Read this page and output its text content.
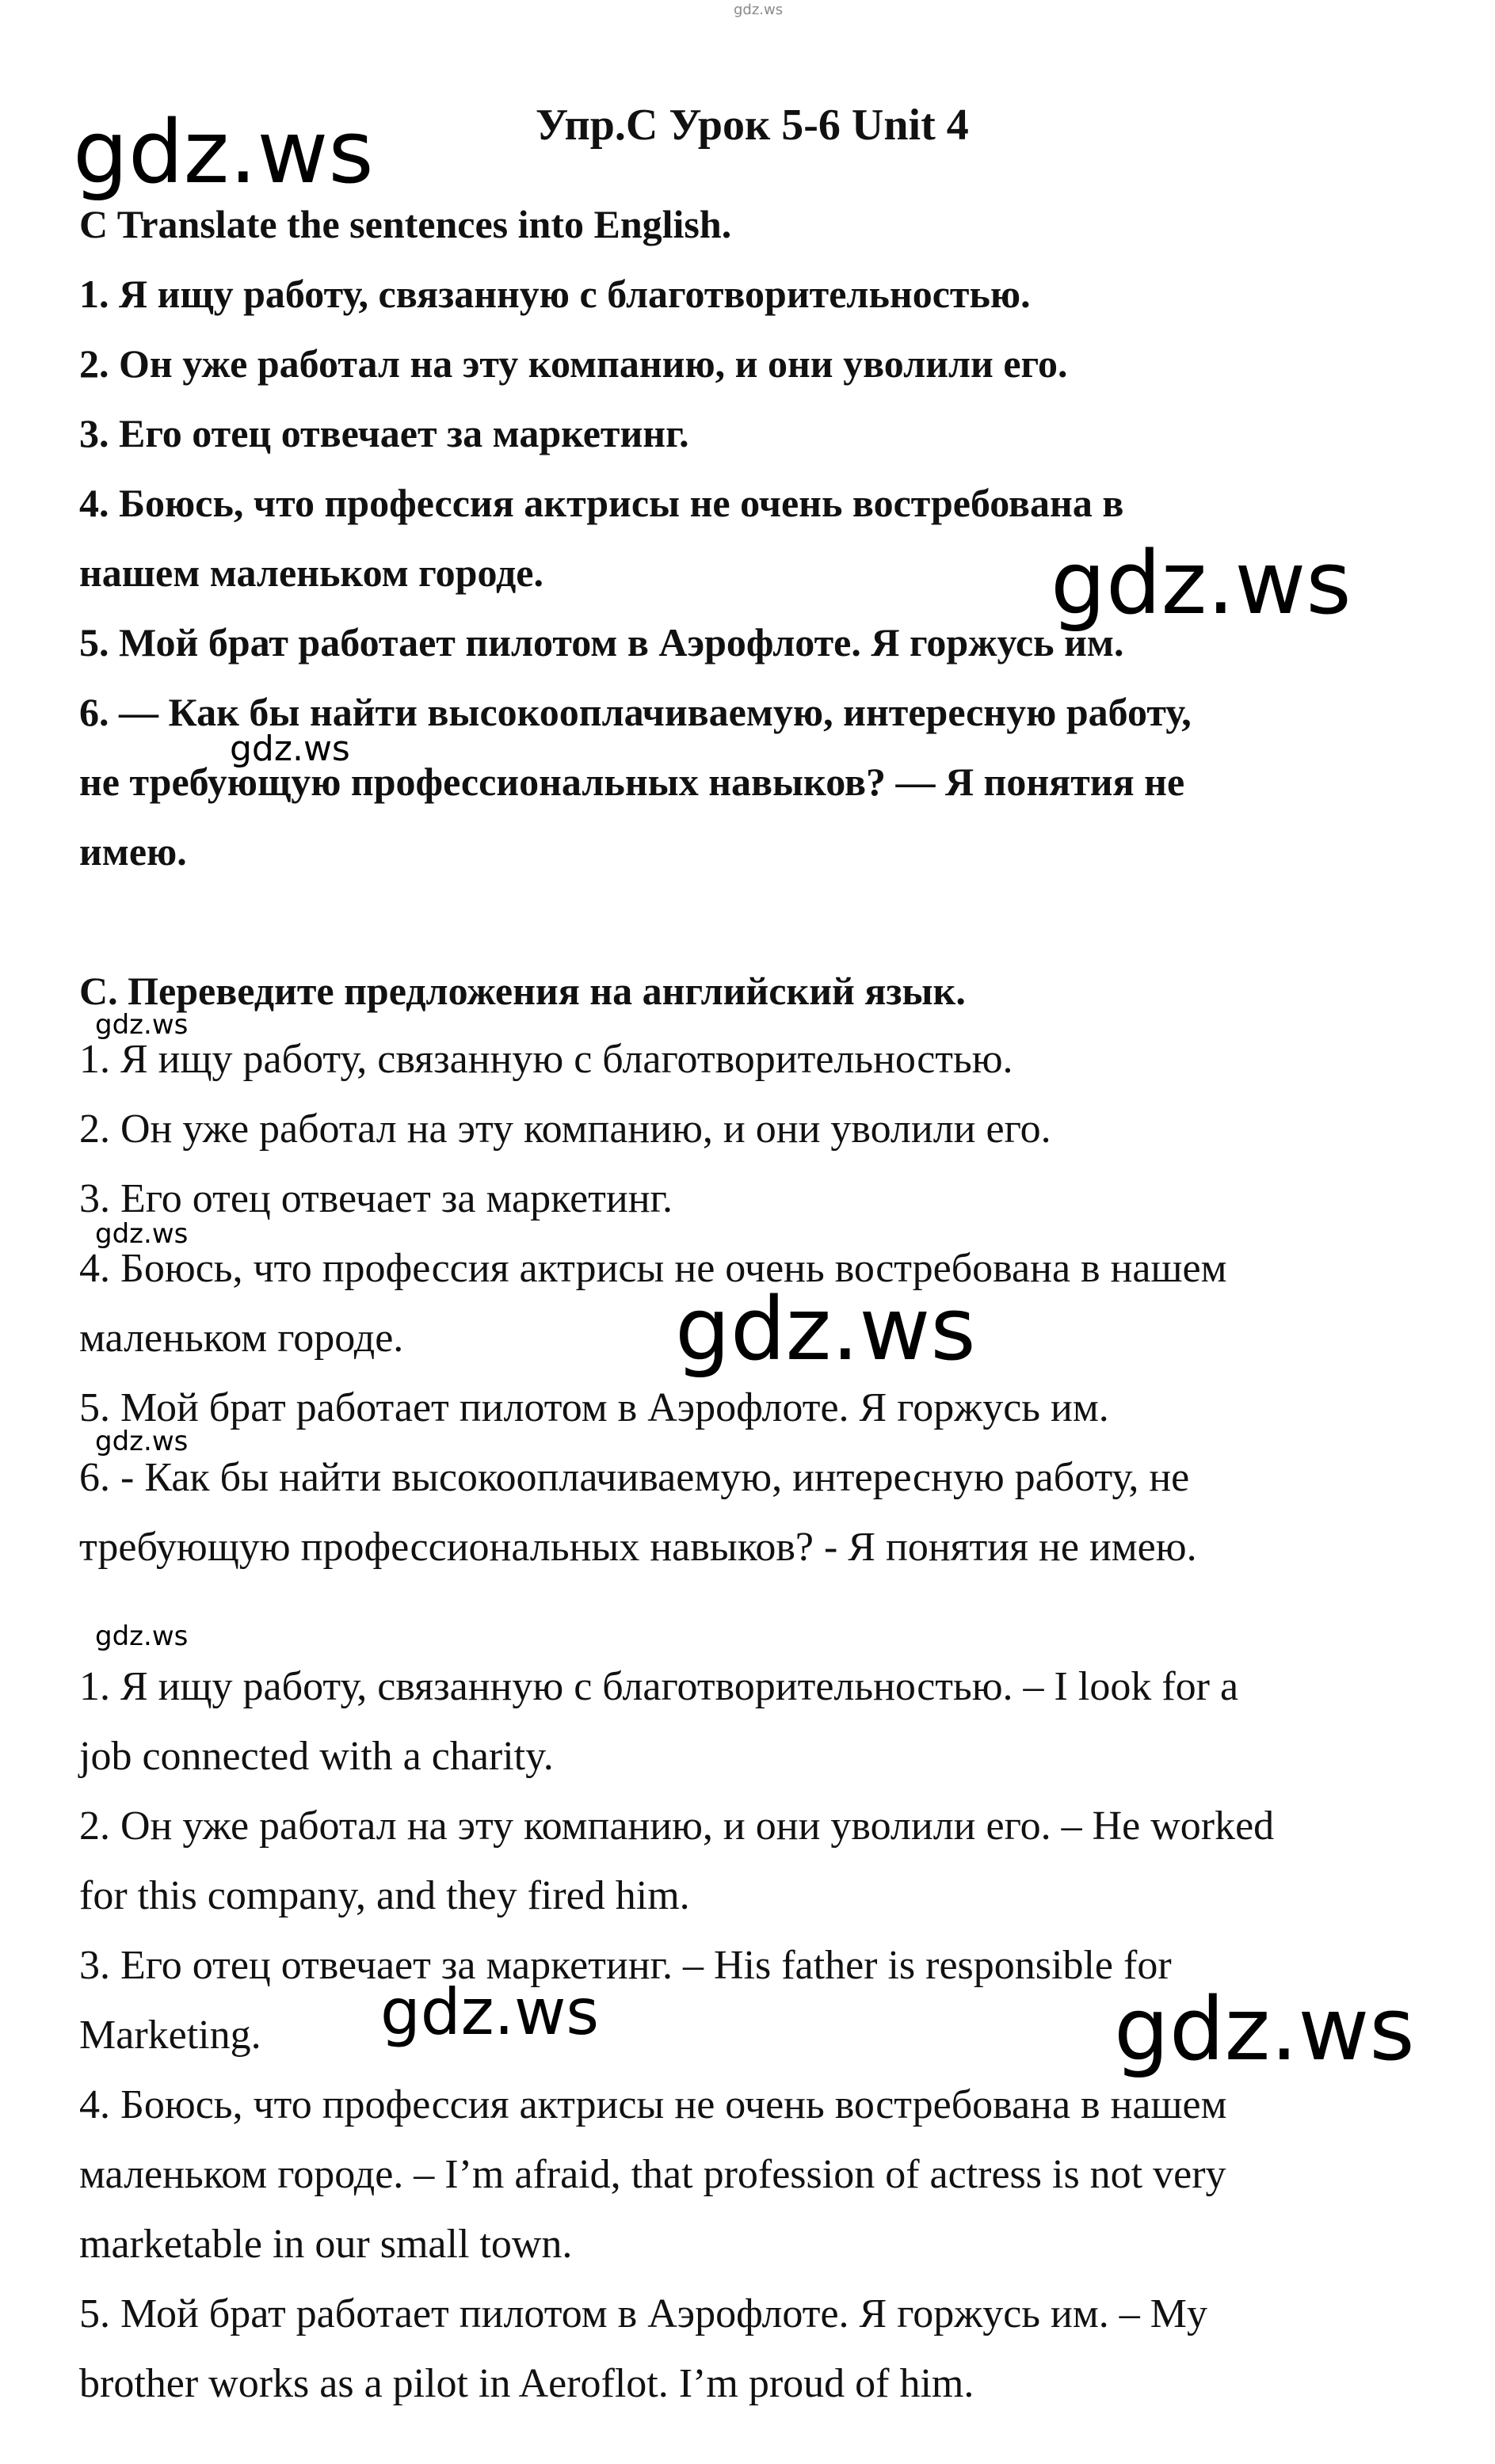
gdz.ws
gdz.ws	Упр.С Урок 5-6 Unit 4
C Translate the sentences into English.
1. Я ищу работу, связанную с благотворительностью.
2. Он уже работал на эту компанию, и они уволили его.
3. Его отец отвечает за маркетинг.
4. Боюсь, что профессия актрисы не очень востребована в
нашем маленьком городе.
5. Мой брат работает пилотом в Аэрофлоте. Я горжусь им.
6. — Как бы найти высокооплачиваемую, интересную работу,
не требующую профессиональных навыков? — Я понятия не
имею.
gdz.ws
gdz.ws
С. Переведите предложения на английский язык.
gdz.ws
1. Я ищу работу, связанную с благотворительностью.
2. Он уже работал на эту компанию, и они уволили его.
3. Его отец отвечает за маркетинг.
gdz.ws
4. Боюсь, что профессия актрисы не очень востребована в нашем
маленьком городе.
5. Мой брат работает пилотом в Аэрофлоте. Я горжусь им.
gdz.ws
6. - Как бы найти высокооплачиваемую, интересную работу, не
требующую профессиональных навыков? - Я понятия не имею.
gdz.ws
gdz.ws
1. Я ищу работу, связанную с благотворительностью. – I look for a
job connected with a charity.
2. Он уже работал на эту компанию, и они уволили его. – He worked
for this company, and they fired him.
3. Его отец отвечает за маркетинг. – His father is responsible for
Marketing.
4. Боюсь, что профессия актрисы не очень востребована в нашем
маленьком городе. – I’m afraid, that profession of actress is not very
marketable in our small town.
5. Мой брат работает пилотом в Аэрофлоте. Я горжусь им. – My
brother works as a pilot in Aeroflot. I’m proud of him.
gdz.ws	gdz.ws
